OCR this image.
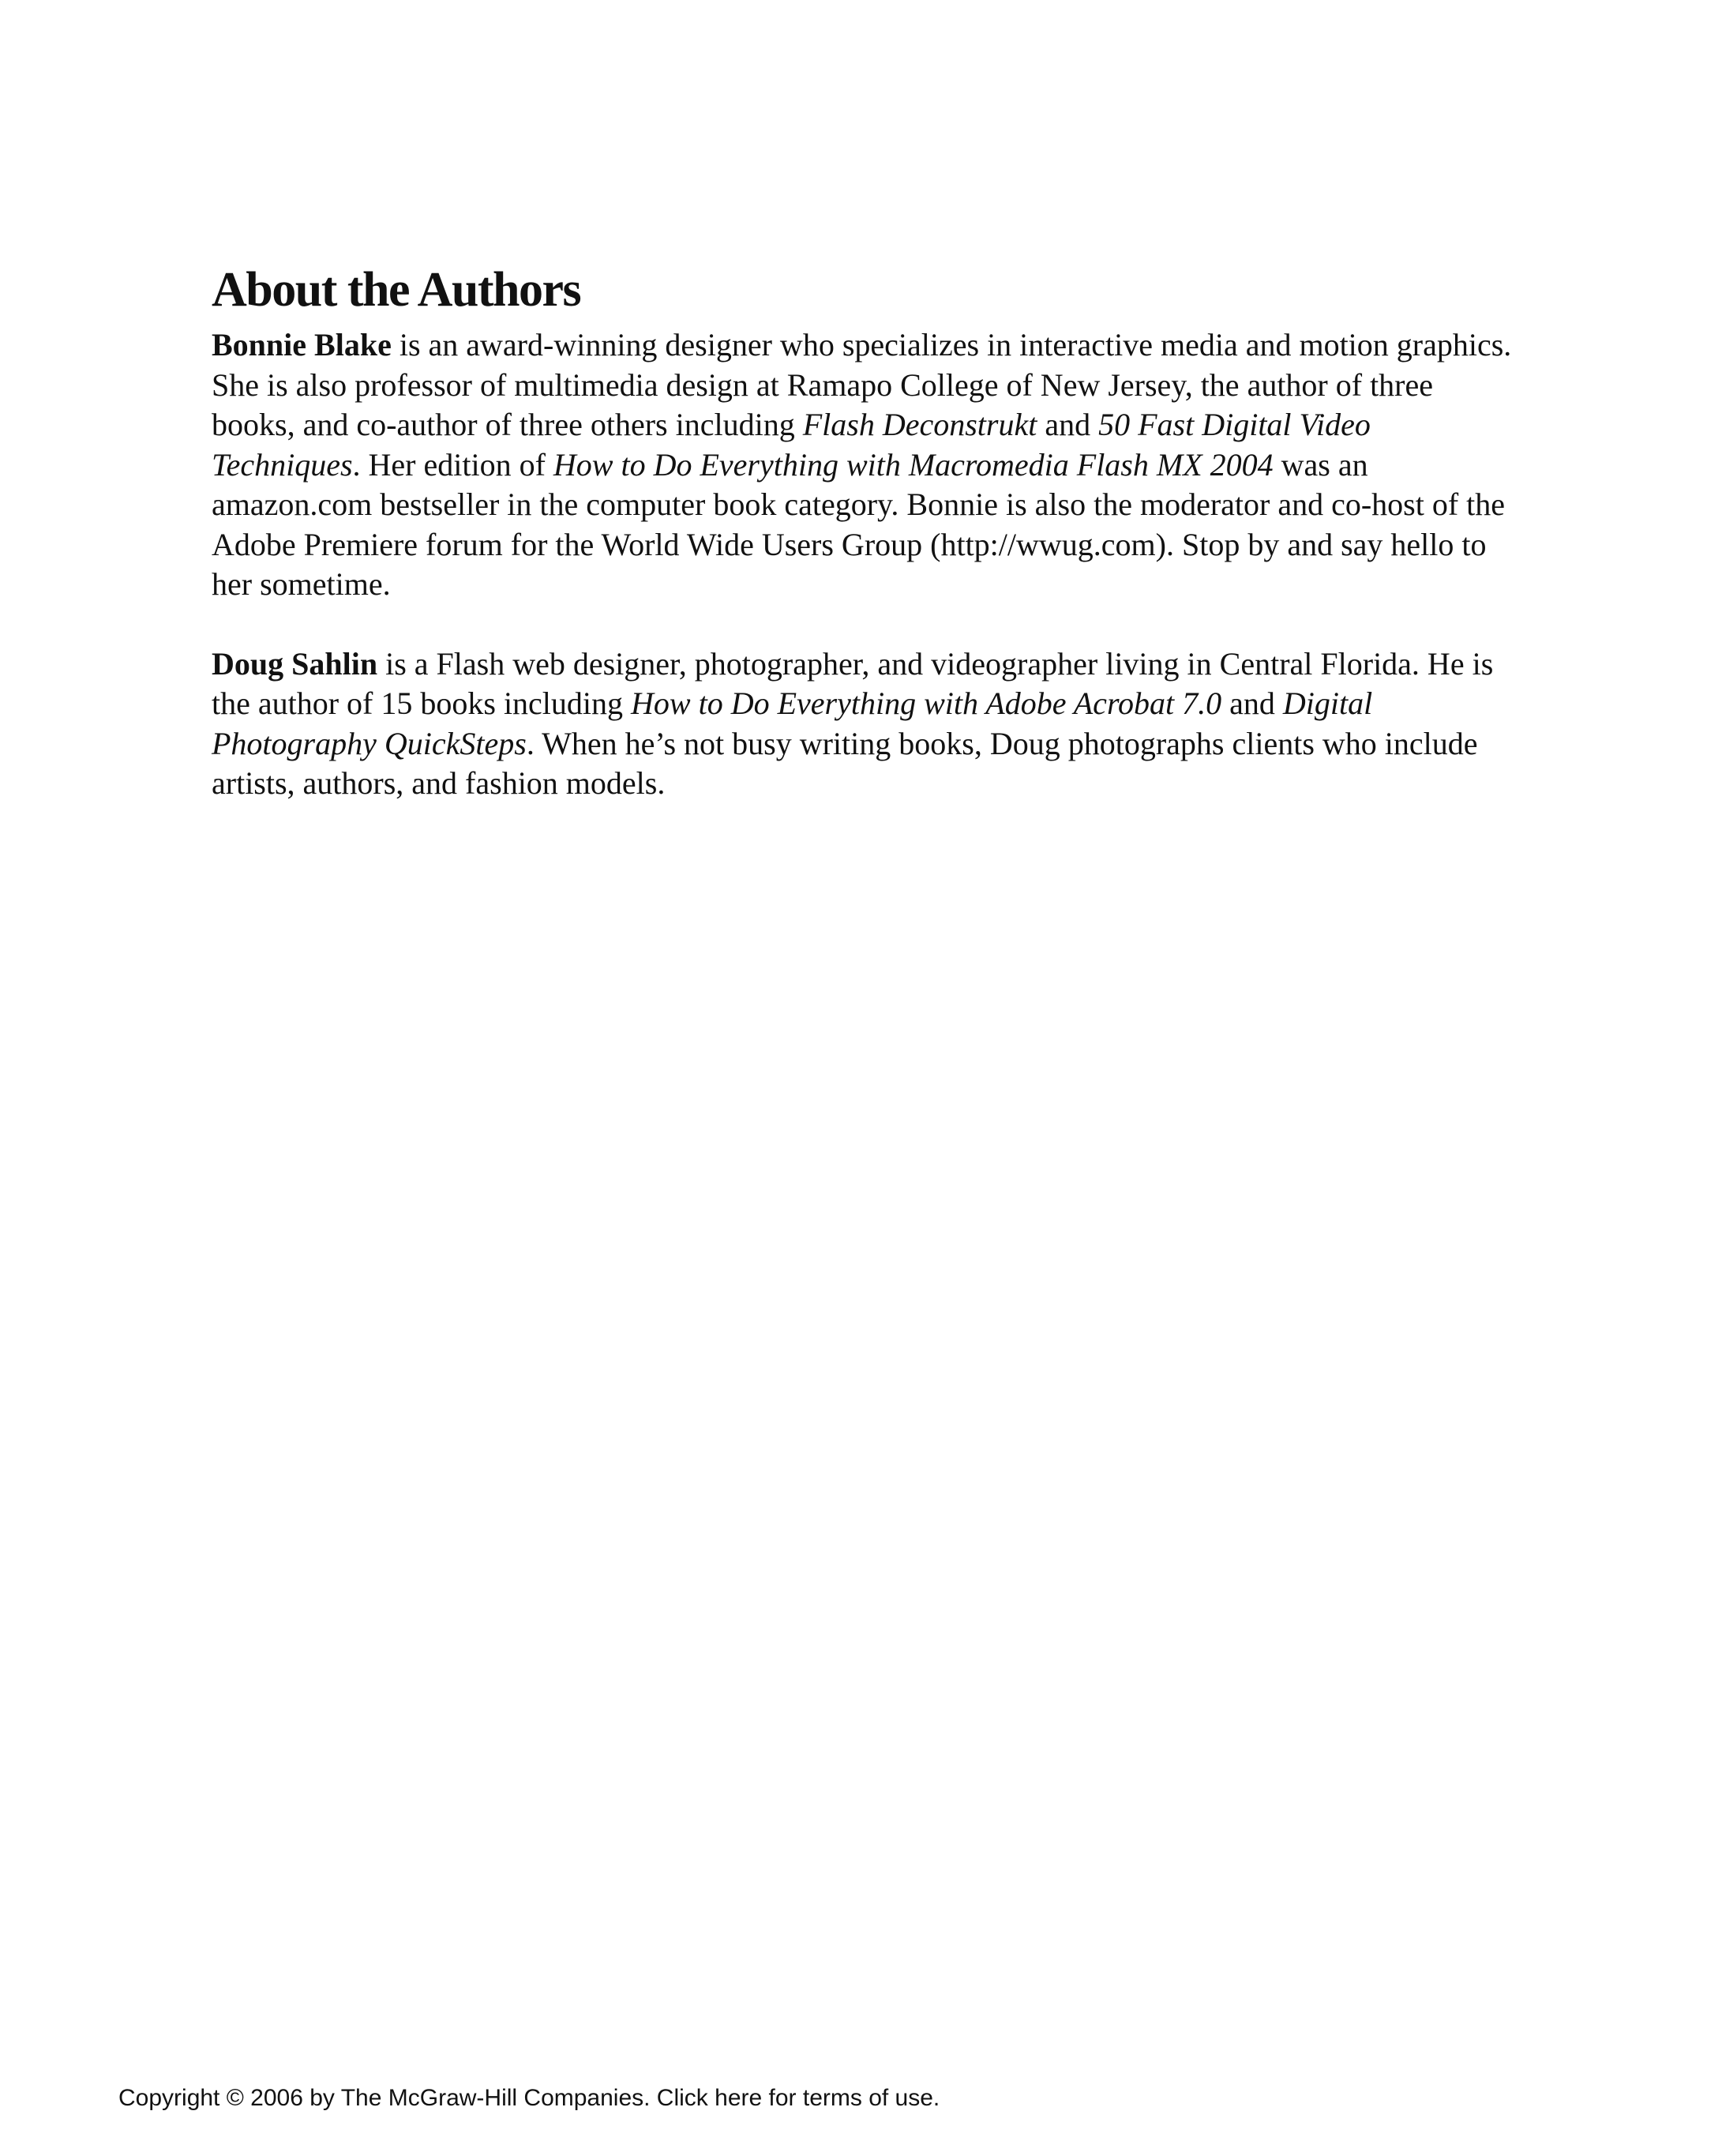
About the Authors

Bonnie Blake is an award-winning designer who specializes in interactive media and motion graphics. She is also professor of multimedia design at Ramapo College of New Jersey, the author of three books, and co-author of three others including Flash Deconstrukt and 50 Fast Digital Video Techniques. Her edition of How to Do Everything with Macromedia Flash MX 2004 was an amazon.com bestseller in the computer book category. Bonnie is also the moderator and co-host of the Adobe Premiere forum for the World Wide Users Group (http://wwug.com). Stop by and say hello to her sometime.

Doug Sahlin is a Flash web designer, photographer, and videographer living in Central Florida. He is the author of 15 books including How to Do Everything with Adobe Acrobat 7.0 and Digital Photography QuickSteps. When he’s not busy writing books, Doug photographs clients who include artists, authors, and fashion models.

Copyright © 2006 by The McGraw-Hill Companies. Click here for terms of use.
